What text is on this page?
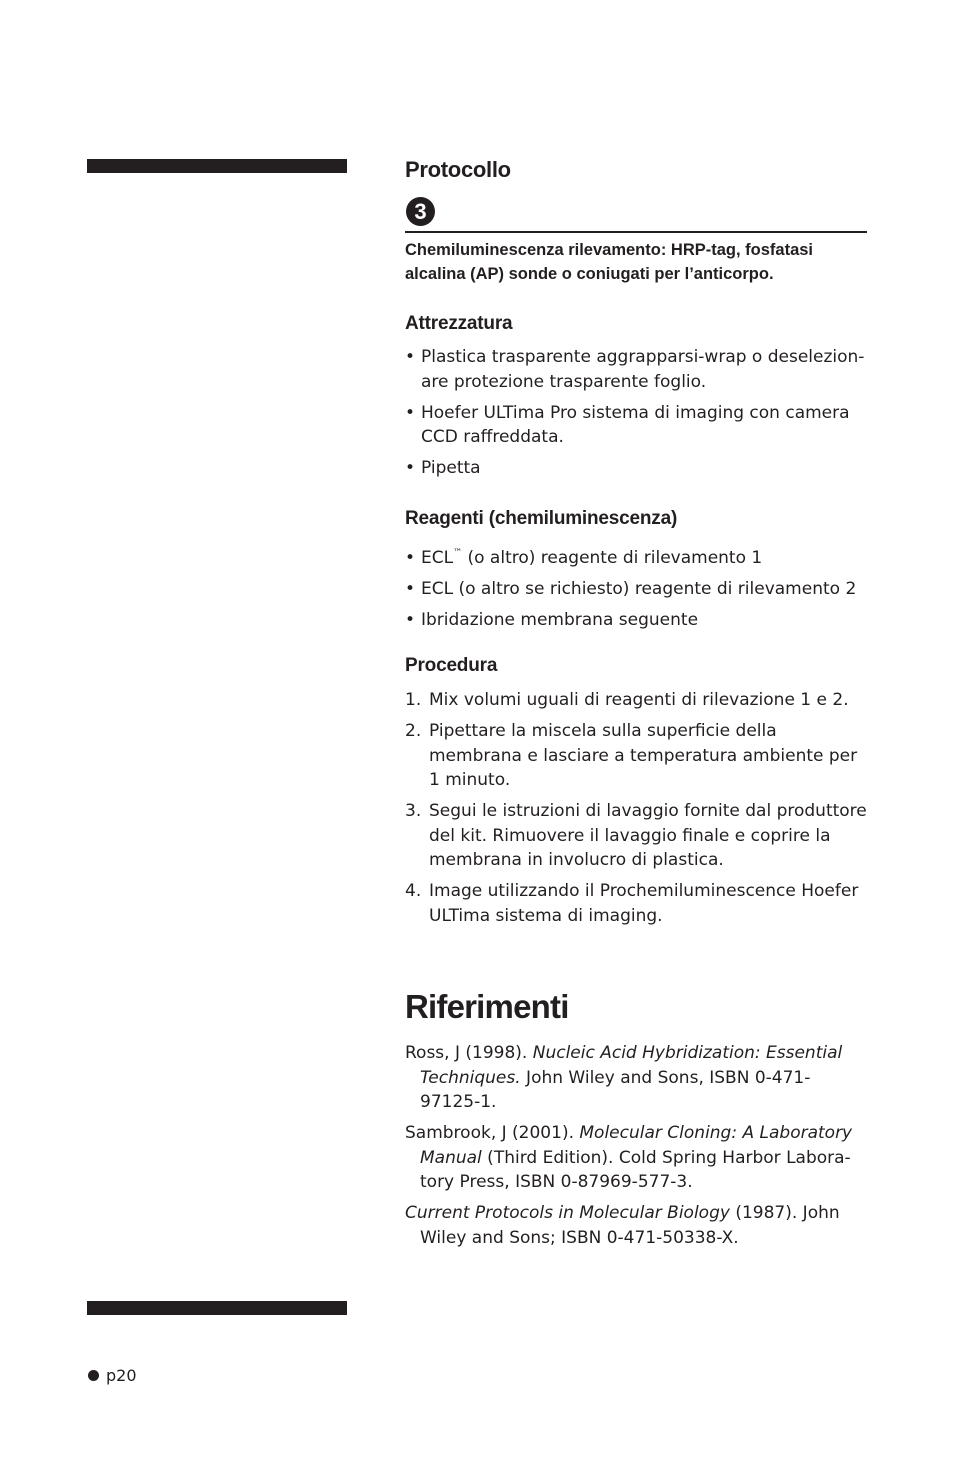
Protocollo
3
Chemiluminescenza rilevamento: HRP-tag, fosfatasi alcalina (AP) sonde o coniugati per l’anticorpo.
Attrezzatura
• Plastica trasparente aggrapparsi-wrap o deselezion-are protezione trasparente foglio.
• Hoefer ULTima Pro sistema di imaging con camera CCD raffreddata.
• Pipetta
Reagenti (chemiluminescenza)
• ECL™ (o altro) reagente di rilevamento 1
• ECL (o altro se richiesto) reagente di rilevamento 2
• Ibridazione membrana seguente
Procedura
1. Mix volumi uguali di reagenti di rilevazione 1 e 2.
2. Pipettare la miscela sulla superficie della membrana e lasciare a temperatura ambiente per 1 minuto.
3. Segui le istruzioni di lavaggio fornite dal produttore del kit. Rimuovere il lavaggio finale e coprire la membrana in involucro di plastica.
4. Image utilizzando il Prochemiluminescence Hoefer ULTima sistema di imaging.
Riferimenti

Ross, J (1998). Nucleic Acid Hybridization: Essential Techniques. John Wiley and Sons, ISBN 0-471-97125-1.

Sambrook, J (2001). Molecular Cloning: A Laboratory Manual (Third Edition). Cold Spring Harbor Labora-tory Press, ISBN 0-87969-577-3.

Current Protocols in Molecular Biology (1987). John Wiley and Sons; ISBN 0-471-50338-X.

p20
